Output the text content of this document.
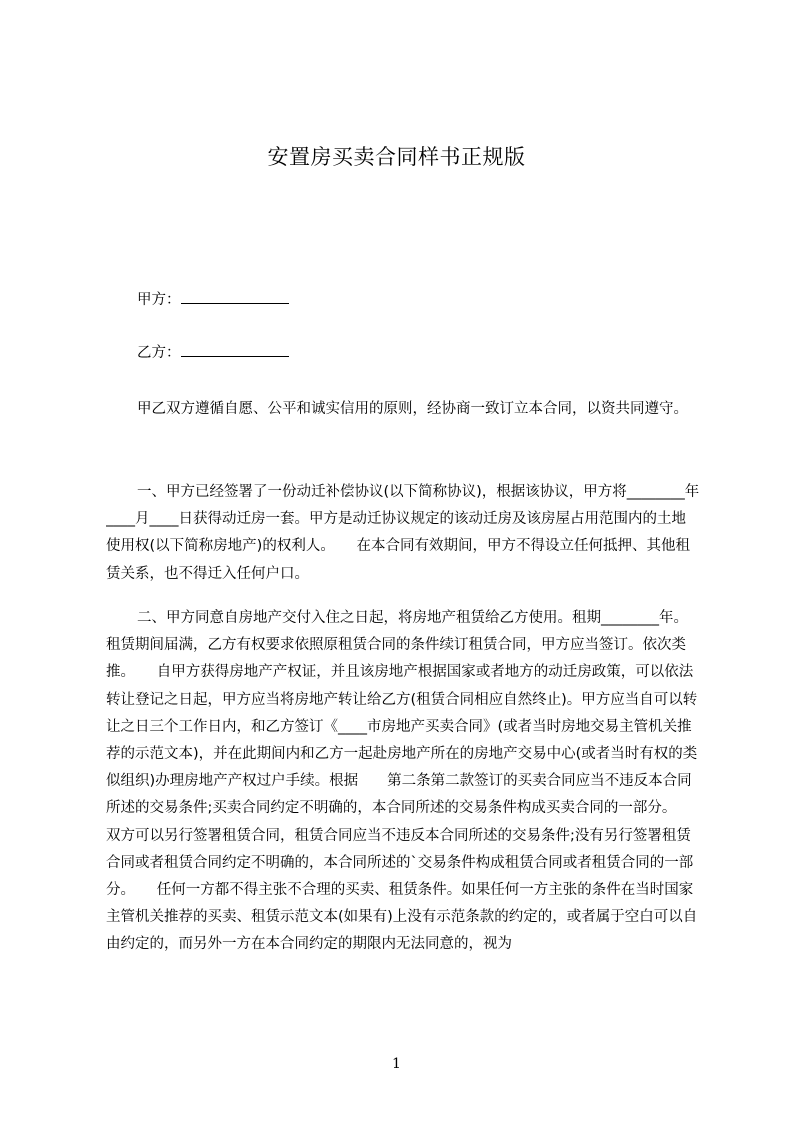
安置房买卖合同样书正规版
甲方：
乙方：
甲乙双方遵循自愿、公平和诚实信用的原则，经协商一致订立本合同，以资共同遵守。
一、甲方已经签署了一份动迁补偿协议(以下简称协议)，根据该协议，甲方将________年____月____日获得动迁房一套。甲方是动迁协议规定的该动迁房及该房屋占用范围内的土地使用权(以下简称房地产)的权利人。　　在本合同有效期间，甲方不得设立任何抵押、其他租赁关系，也不得迁入任何户口。
二、甲方同意自房地产交付入住之日起，将房地产租赁给乙方使用。租期________年。租赁期间届满，乙方有权要求依照原租赁合同的条件续订租赁合同，甲方应当签订。依次类推。　　自甲方获得房地产产权证，并且该房地产根据国家或者地方的动迁房政策，可以依法转让登记之日起，甲方应当将房地产转让给乙方(租赁合同相应自然终止)。甲方应当自可以转让之日三个工作日内，和乙方签订《____市房地产买卖合同》(或者当时房地交易主管机关推荐的示范文本)，并在此期间内和乙方一起赴房地产所在的房地产交易中心(或者当时有权的类似组织)办理房地产产权过户手续。根据　　第二条第二款签订的买卖合同应当不违反本合同所述的交易条件;买卖合同约定不明确的，本合同所述的交易条件构成买卖合同的一部分。　　双方可以另行签署租赁合同，租赁合同应当不违反本合同所述的交易条件;没有另行签署租赁合同或者租赁合同约定不明确的，本合同所述的`交易条件构成租赁合同或者租赁合同的一部分。　　任何一方都不得主张不合理的买卖、租赁条件。如果任何一方主张的条件在当时国家主管机关推荐的买卖、租赁示范文本(如果有)上没有示范条款的约定的，或者属于空白可以自由约定的，而另外一方在本合同约定的期限内无法同意的，视为
1
